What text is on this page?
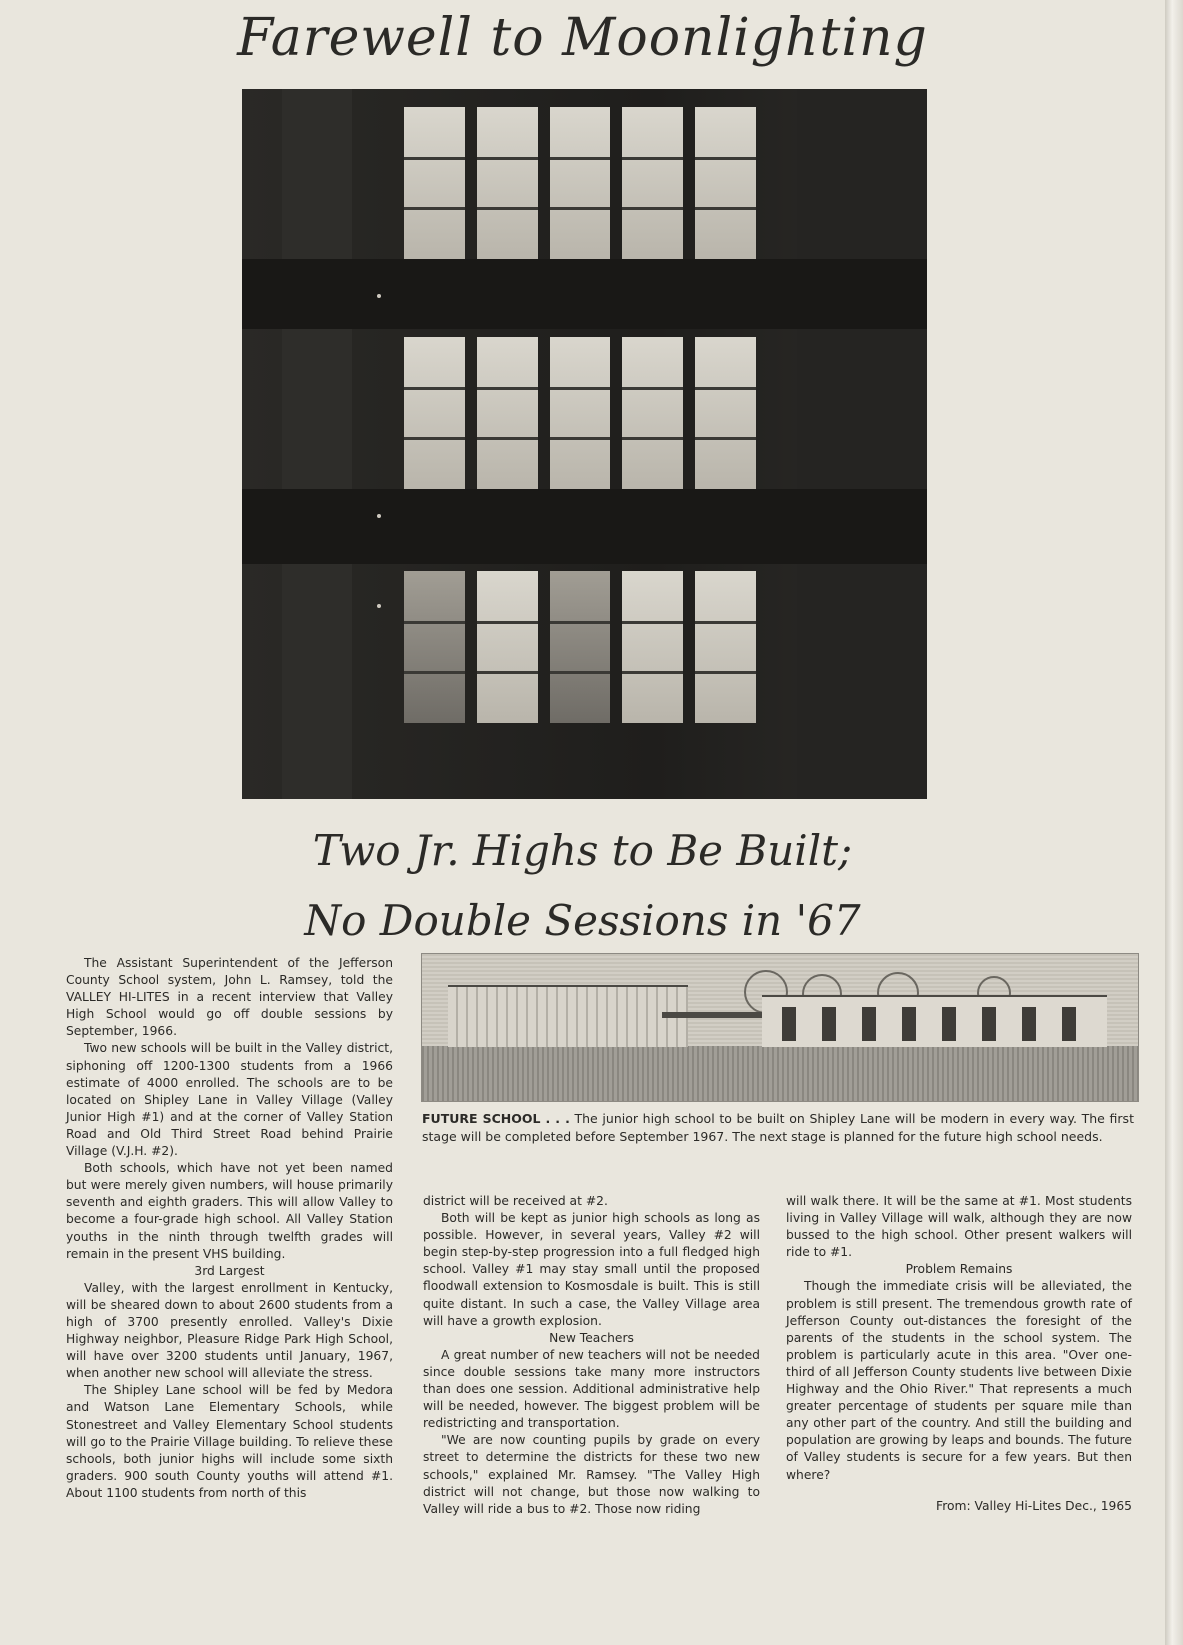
Farewell to Moonlighting
Two Jr. Highs to Be Built;
No Double Sessions in '67

FUTURE SCHOOL . . . The junior high school to be built on Shipley Lane will be modern in every way. The first stage will be completed before September 1967. The next stage is planned for the future high school needs.

The Assistant Superintendent of the Jefferson County School system, John L. Ramsey, told the VALLEY HI-LITES in a recent interview that Valley High School would go off double sessions by September, 1966.

Two new schools will be built in the Valley district, siphoning off 1200-1300 students from a 1966 estimate of 4000 enrolled. The schools are to be located on Shipley Lane in Valley Village (Valley Junior High #1) and at the corner of Valley Station Road and Old Third Street Road behind Prairie Village (V.J.H. #2).

Both schools, which have not yet been named but were merely given numbers, will house primarily seventh and eighth graders. This will allow Valley to become a four-grade high school. All Valley Station youths in the ninth through twelfth grades will remain in the present VHS building.

3rd Largest

Valley, with the largest enrollment in Kentucky, will be sheared down to about 2600 students from a high of 3700 presently enrolled. Valley's Dixie Highway neighbor, Pleasure Ridge Park High School, will have over 3200 students until January, 1967, when another new school will alleviate the stress.

The Shipley Lane school will be fed by Medora and Watson Lane Elementary Schools, while Stonestreet and Valley Elementary School students will go to the Prairie Village building. To relieve these schools, both junior highs will include some sixth graders. 900 south County youths will attend #1. About 1100 students from north of this

district will be received at #2.

Both will be kept as junior high schools as long as possible. However, in several years, Valley #2 will begin step-by-step progression into a full fledged high school. Valley #1 may stay small until the proposed floodwall extension to Kosmosdale is built. This is still quite distant. In such a case, the Valley Village area will have a growth explosion.

New Teachers

A great number of new teachers will not be needed since double sessions take many more instructors than does one session. Additional administrative help will be needed, however. The biggest problem will be redistricting and transportation.

"We are now counting pupils by grade on every street to determine the districts for these two new schools," explained Mr. Ramsey. "The Valley High district will not change, but those now walking to Valley will ride a bus to #2. Those now riding

will walk there. It will be the same at #1. Most students living in Valley Village will walk, although they are now bussed to the high school. Other present walkers will ride to #1.

Problem Remains

Though the immediate crisis will be alleviated, the problem is still present. The tremendous growth rate of Jefferson County out-distances the foresight of the parents of the students in the school system. The problem is particularly acute in this area. "Over one-third of all Jefferson County students live between Dixie Highway and the Ohio River." That represents a much greater percentage of students per square mile than any other part of the country. And still the building and population are growing by leaps and bounds. The future of Valley students is secure for a few years. But then where?

From: Valley Hi-Lites Dec., 1965
